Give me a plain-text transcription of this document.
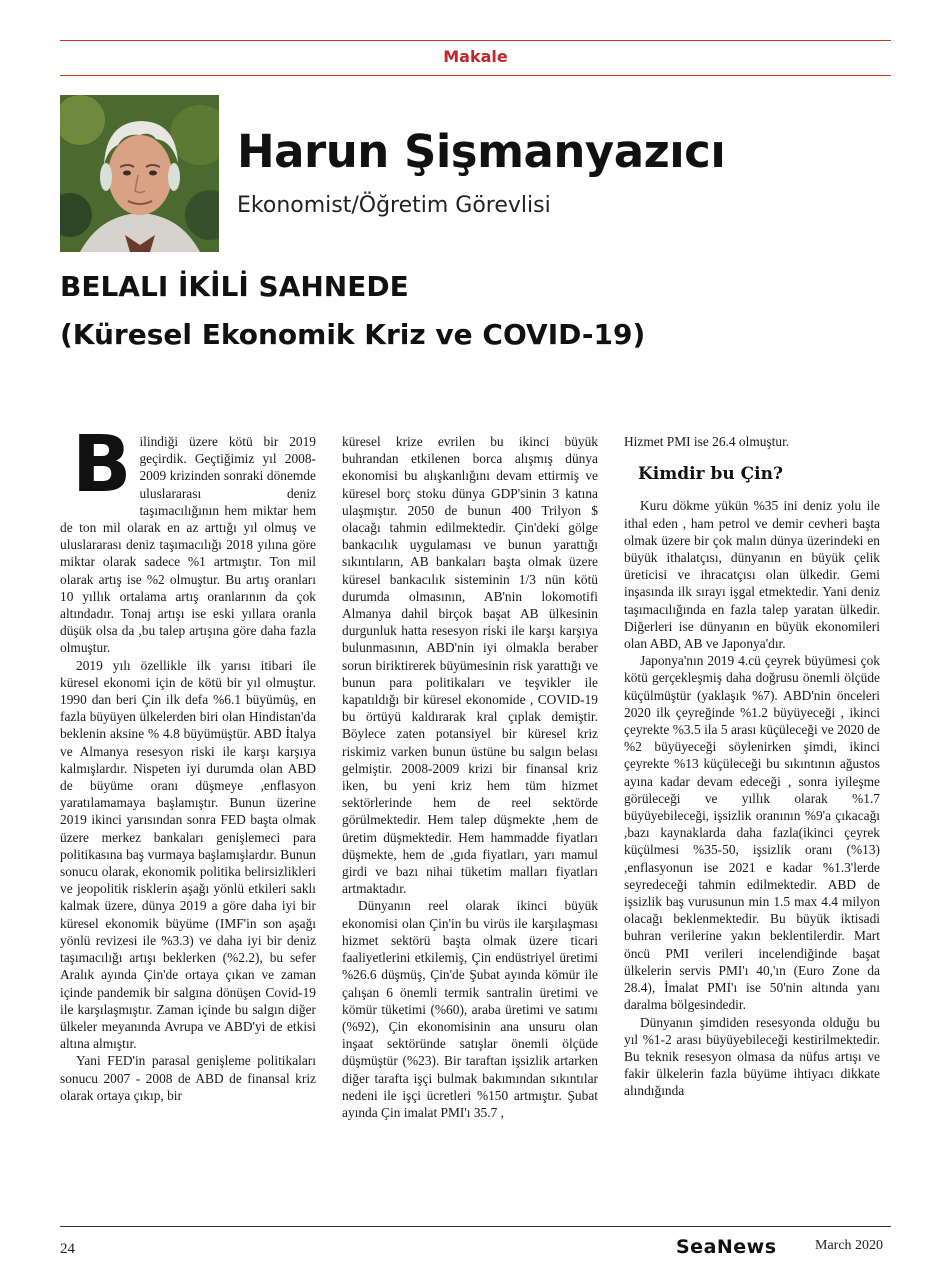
Makale
Harun Şişmanyazıcı
Ekonomist/Öğretim Görevlisi
BELALI İKİLİ SAHNEDE
(Küresel Ekonomik Kriz ve COVID-19)

Bilindiği üzere kötü bir 2019 geçirdik. Geçtiğimiz yıl 2008-2009 krizinden sonraki dönemde uluslararası deniz taşımacılığının hem miktar hem de ton mil olarak en az arttığı yıl olmuş ve uluslararası deniz taşımacılığı 2018 yılına göre miktar olarak sadece %1 artmıştır. Ton mil olarak artış ise %2 olmuştur. Bu artış oranları 10 yıllık ortalama artış oranlarının da çok altındadır. Tonaj artışı ise eski yıllara oranla düşük olsa da ,bu talep artışına göre daha fazla olmuştur.

2019 yılı özellikle ilk yarısı itibari ile küresel ekonomi için de kötü bir yıl olmuştur. 1990 dan beri Çin ilk defa %6.1 büyümüş, en fazla büyüyen ülkelerden biri olan Hindistan'da beklenin aksine % 4.8 büyümüştür. ABD İtalya ve Almanya resesyon riski ile karşı karşıya kalmışlardır. Nispeten iyi durumda olan ABD de büyüme oranı düşmeye ,enflasyon yaratılamamaya başlamıştır. Bunun üzerine 2019 ikinci yarısından sonra FED başta olmak üzere merkez bankaları genişlemeci para politikasına baş vurmaya başlamışlardır. Bunun sonucu olarak, ekonomik politika belirsizlikleri ve jeopolitik risklerin aşağı yönlü etkileri saklı kalmak üzere, dünya 2019 a göre daha iyi bir küresel ekonomik büyüme (IMF'in son aşağı yönlü revizesi ile %3.3) ve daha iyi bir deniz taşımacılığı artışı beklerken (%2.2), bu sefer Aralık ayında Çin'de ortaya çıkan ve zaman içinde pandemik bir salgına dönüşen Covid-19 ile karşılaşmıştır. Zaman içinde bu salgın diğer ülkeler meyanında Avrupa ve ABD'yi de etkisi altına almıştır.

Yani FED'in parasal genişleme politikaları sonucu 2007 - 2008 de ABD de finansal kriz olarak ortaya çıkıp, bir

küresel krize evrilen bu ikinci büyük buhrandan etkilenen borca alışmış dünya ekonomisi bu alışkanlığını devam ettirmiş ve küresel borç stoku dünya GDP'sinin 3 katına ulaşmıştır. 2050 de bunun 400 Trilyon $ olacağı tahmin edilmektedir. Çin'deki gölge bankacılık uygulaması ve bunun yarattığı sıkıntıların, AB bankaları başta olmak üzere küresel bankacılık sisteminin 1/3 nün kötü durumda olmasının, AB'nin lokomotifi Almanya dahil birçok başat AB ülkesinin durgunluk hatta resesyon riski ile karşı karşıya bulunmasının, ABD'nin iyi olmakla beraber sorun biriktirerek büyümesinin risk yarattığı ve bunun para politikaları ve teşvikler ile kapatıldığı bir küresel ekonomide , COVID-19 bu örtüyü kaldırarak kral çıplak demiştir. Böylece zaten potansiyel bir küresel kriz riskimiz varken bunun üstüne bu salgın belası gelmiştir. 2008-2009 krizi bir finansal kriz iken, bu yeni kriz hem tüm hizmet sektörlerinde hem de reel sektörde görülmektedir. Hem talep düşmekte ,hem de üretim düşmektedir. Hem hammadde fiyatları düşmekte, hem de ,gıda fiyatları, yarı mamul girdi ve bazı nihai tüketim malları fiyatları artmaktadır.

Dünyanın reel olarak ikinci büyük ekonomisi olan Çin'in bu virüs ile karşılaşması hizmet sektörü başta olmak üzere ticari faaliyetlerini etkilemiş, Çin endüstriyel üretimi %26.6 düşmüş, Çin'de Şubat ayında kömür ile çalışan 6 önemli termik santralin üretimi ve kömür tüketimi (%60), araba üretimi ve satımı (%92), Çin ekonomisinin ana unsuru olan inşaat sektöründe satışlar önemli ölçüde düşmüştür (%23). Bir taraftan işsizlik artarken diğer tarafta işçi bulmak bakımından sıkıntılar nedeni ile işçi ücretleri %150 artmıştır. Şubat ayında Çin imalat PMI'ı 35.7 ,

Hizmet PMI ise 26.4 olmuştur.

Kimdir bu Çin?

Kuru dökme yükün %35 ini deniz yolu ile ithal eden , ham petrol ve demir cevheri başta olmak üzere bir çok malın dünya üzerindeki en büyük ithalatçısı, dünyanın en büyük çelik üreticisi ve ihracatçısı olan ülkedir. Gemi inşasında ilk sırayı işgal etmektedir. Yani deniz taşımacılığında en fazla talep yaratan ülkedir. Diğerleri ise dünyanın en büyük ekonomileri olan ABD, AB ve Japonya'dır.

Japonya'nın 2019 4.cü çeyrek büyümesi çok kötü gerçekleşmiş daha doğrusu önemli ölçüde küçülmüştür (yaklaşık %7). ABD'nin önceleri 2020 ilk çeyreğinde %1.2 büyüyeceği , ikinci çeyrekte %3.5 ila 5 arası küçüleceği ve 2020 de %2 büyüyeceği söylenirken şimdi, ikinci çeyrekte %13 küçüleceği bu sıkıntının ağustos ayına kadar devam edeceği , sonra iyileşme görüleceği ve yıllık olarak %1.7 büyüyebileceği, işsizlik oranının %9'a çıkacağı ,bazı kaynaklarda daha fazla(ikinci çeyrek küçülmesi %35-50, işsizlik oranı (%13) ,enflasyonun ise 2021 e kadar %1.3'lerde seyredeceği tahmin edilmektedir. ABD de işsizlik baş vurusunun min 1.5 max 4.4 milyon olacağı beklenmektedir. Bu büyük iktisadi buhran verilerine yakın beklentilerdir. Mart öncü PMI verileri incelendiğinde başat ülkelerin servis PMI'ı 40,'ın (Euro Zone da 28.4), İmalat PMI'ı ise 50'nin altında yanı daralma bölgesindedir.

Dünyanın şimdiden resesyonda olduğu bu yıl %1-2 arası büyüyebileceği kestirilmektedir. Bu teknik resesyon olmasa da nüfus artışı ve fakir ülkelerin fazla büyüme ihtiyacı dikkate alındığında

24	SeaNews	March 2020
